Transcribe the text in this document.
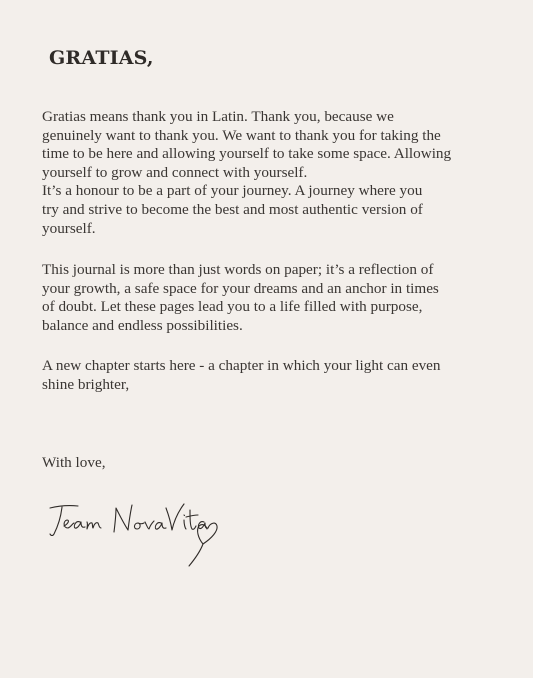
GRATIAS,

Gratias means thank you in Latin. Thank you, because we
genuinely want to thank you. We want to thank you for taking the
time to be here and allowing yourself to take some space. Allowing
yourself to grow and connect with yourself.
It’s a honour to be a part of your journey. A journey where you
try and strive to become the best and most authentic version of
yourself.

This journal is more than just words on paper; it’s a reflection of
your growth, a safe space for your dreams and an anchor in times
of doubt. Let these pages lead you to a life filled with purpose,
balance and endless possibilities.

A new chapter starts here - a chapter in which your light can even
shine brighter,

With love,
